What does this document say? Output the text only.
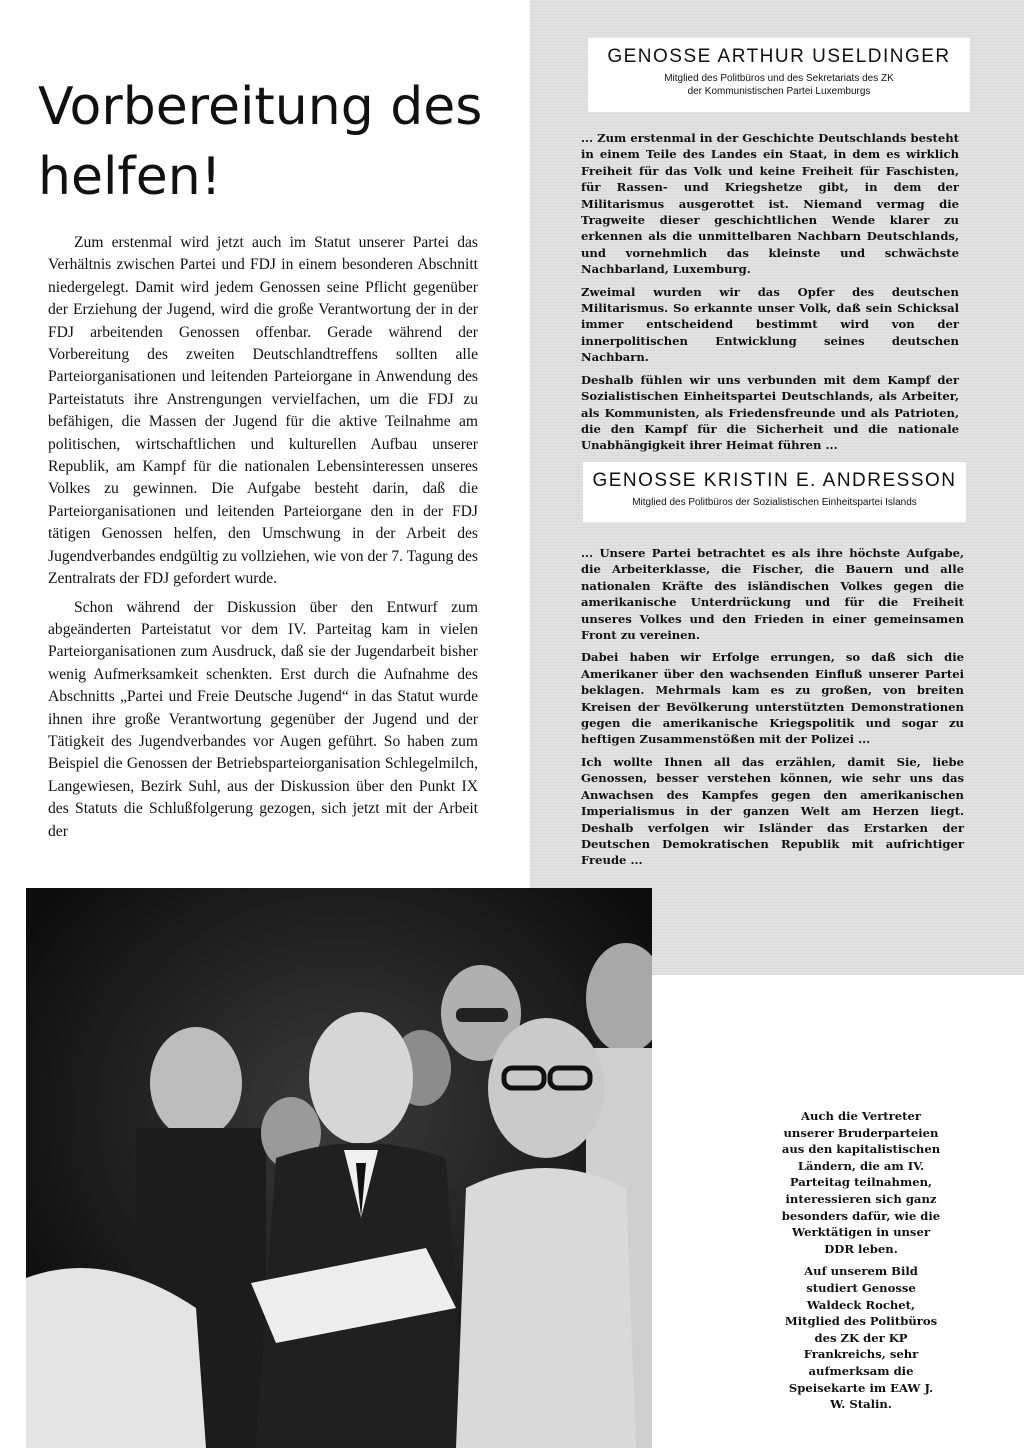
Vorbereitung des
helfen!

Zum erstenmal wird jetzt auch im Statut unserer Partei das Verhältnis zwischen Partei und FDJ in einem besonderen Abschnitt niedergelegt. Damit wird jedem Genossen seine Pflicht gegenüber der Erziehung der Jugend, wird die große Verantwortung der in der FDJ arbeitenden Genossen offenbar. Gerade während der Vorbereitung des zweiten Deutschlandtreffens sollten alle Parteiorganisationen und leitenden Parteiorgane in Anwendung des Parteistatuts ihre Anstrengungen vervielfachen, um die FDJ zu befähigen, die Massen der Jugend für die aktive Teilnahme am politischen, wirtschaftlichen und kulturellen Aufbau unserer Republik, am Kampf für die nationalen Lebensinteressen unseres Volkes zu gewinnen. Die Aufgabe besteht darin, daß die Parteiorganisationen und leitenden Parteiorgane den in der FDJ tätigen Genossen helfen, den Umschwung in der Arbeit des Jugendverbandes endgültig zu vollziehen, wie von der 7. Tagung des Zentralrats der FDJ gefordert wurde.

Schon während der Diskussion über den Entwurf zum abgeänderten Parteistatut vor dem IV. Parteitag kam in vielen Parteiorganisationen zum Ausdruck, daß sie der Jugendarbeit bisher wenig Aufmerksamkeit schenkten. Erst durch die Aufnahme des Abschnitts „Partei und Freie Deutsche Jugend“ in das Statut wurde ihnen ihre große Verantwortung gegenüber der Jugend und der Tätigkeit des Jugendverbandes vor Augen geführt. So haben zum Beispiel die Genossen der Betriebsparteiorganisation Schlegelmilch, Langewiesen, Bezirk Suhl, aus der Diskussion über den Punkt IX des Statuts die Schlußfolgerung gezogen, sich jetzt mit der Arbeit der

GENOSSE ARTHUR USELDINGER
Mitglied des Politbüros und des Sekretariats des ZK
der Kommunistischen Partei Luxemburgs

... Zum erstenmal in der Geschichte Deutschlands besteht in einem Teile des Landes ein Staat, in dem es wirklich Freiheit für das Volk und keine Freiheit für Faschisten, für Rassen- und Kriegshetze gibt, in dem der Militarismus ausgerottet ist. Niemand vermag die Tragweite dieser geschichtlichen Wende klarer zu erkennen als die unmittelbaren Nachbarn Deutschlands, und vornehmlich das kleinste und schwächste Nachbarland, Luxemburg.

Zweimal wurden wir das Opfer des deutschen Militarismus. So erkannte unser Volk, daß sein Schicksal immer entscheidend bestimmt wird von der innerpolitischen Entwicklung seines deutschen Nachbarn.

Deshalb fühlen wir uns verbunden mit dem Kampf der Sozialistischen Einheitspartei Deutschlands, als Arbeiter, als Kommunisten, als Friedensfreunde und als Patrioten, die den Kampf für die Sicherheit und die nationale Unabhängigkeit ihrer Heimat führen ...

GENOSSE KRISTIN E. ANDRESSON
Mitglied des Politbüros der Sozialistischen Einheitspartei Islands

... Unsere Partei betrachtet es als ihre höchste Aufgabe, die Arbeiterklasse, die Fischer, die Bauern und alle nationalen Kräfte des isländischen Volkes gegen die amerikanische Unterdrückung und für die Freiheit unseres Volkes und den Frieden in einer gemeinsamen Front zu vereinen.

Dabei haben wir Erfolge errungen, so daß sich die Amerikaner über den wachsenden Einfluß unserer Partei beklagen. Mehrmals kam es zu großen, von breiten Kreisen der Bevölkerung unterstützten Demonstrationen gegen die amerikanische Kriegspolitik und sogar zu heftigen Zusammenstößen mit der Polizei ...

Ich wollte Ihnen all das erzählen, damit Sie, liebe Genossen, besser verstehen können, wie sehr uns das Anwachsen des Kampfes gegen den amerikanischen Imperialismus in der ganzen Welt am Herzen liegt. Deshalb verfolgen wir Isländer das Erstarken der Deutschen Demokratischen Republik mit aufrichtiger Freude ...

Auch die Vertreter unserer Bruderparteien aus den kapitalistischen Ländern, die am IV. Parteitag teilnahmen, interessieren sich ganz besonders dafür, wie die Werktätigen in unser DDR leben.

Auf unserem Bild studiert Genosse Waldeck Rochet, Mitglied des Politbüros des ZK der KP Frankreichs, sehr aufmerksam die Speisekarte im EAW J. W. Stalin.
